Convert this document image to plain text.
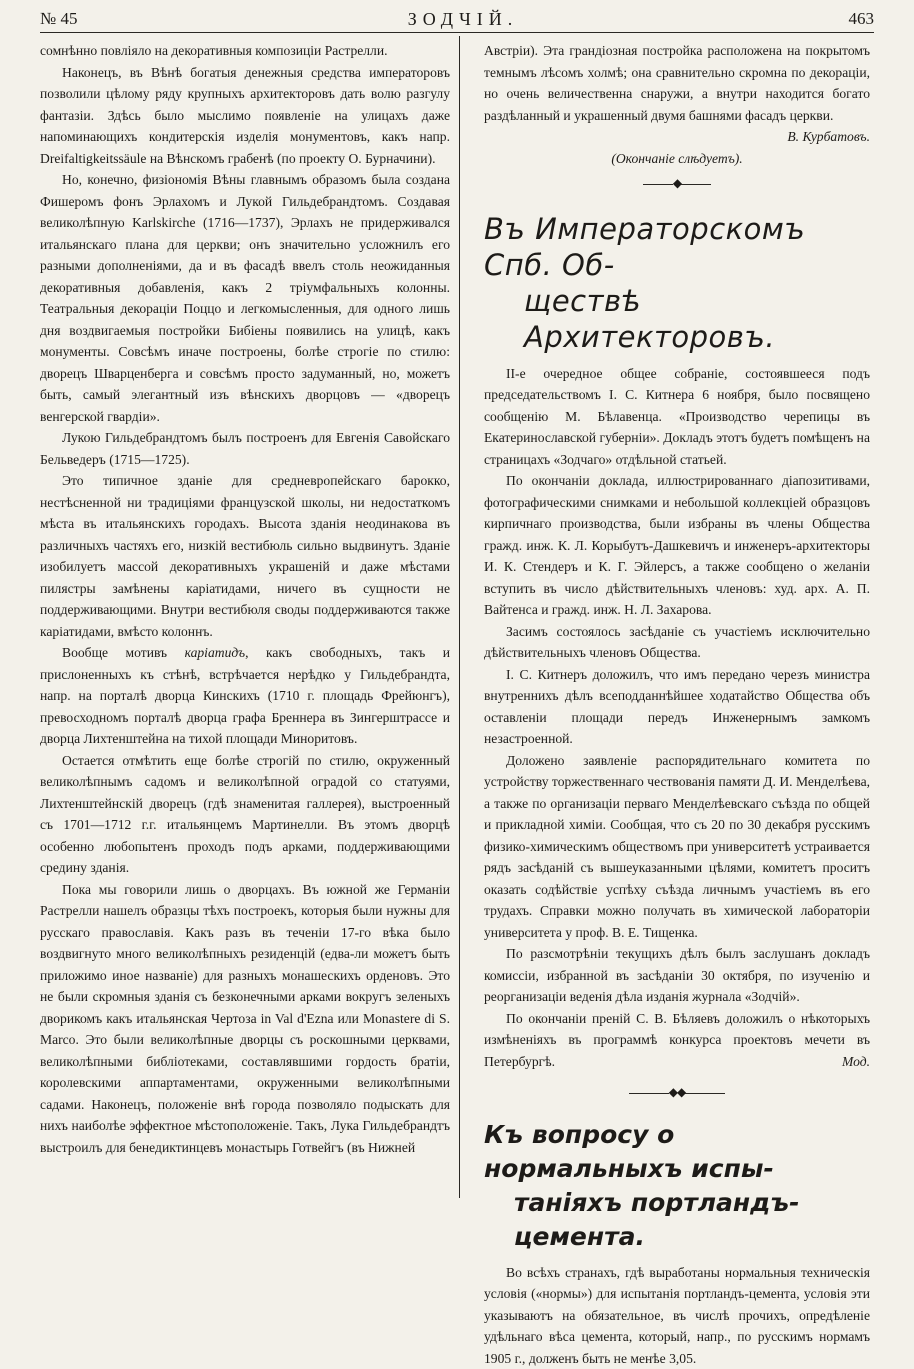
№ 45	ЗОДЧIЙ.	463

сомнѣнно повліяло на декоративныя композиціи Растрелли.

Наконецъ, въ Вѣнѣ богатыя денежныя средства императоровъ позволили цѣлому ряду крупныхъ архитекторовъ дать волю разгулу фантазіи. Здѣсь было мыслимо появленіе на улицахъ даже напоминающихъ кондитерскія изделія монументовъ, какъ напр. Dreifaltigkeitssäule на Вѣнскомъ грабенѣ (по проекту О. Бурначини).

Но, конечно, физіономія Вѣны главнымъ образомъ была создана Фишеромъ фонъ Эрлахомъ и Лукой Гильдебрандтомъ. Создавая великолѣпную Karlskirche (1716—1737), Эрлахъ не придерживался итальянскаго плана для церкви; онъ значительно усложнилъ его разными дополненіями, да и въ фасадѣ ввелъ столь неожиданныя декоративныя добавленія, какъ 2 тріумфальныхъ колонны. Театральныя декораціи Поццо и легкомысленныя, для одного лишь дня воздвигаемыя постройки Бибіены появились на улицѣ, какъ монументы. Совсѣмъ иначе построены, болѣе строгіе по стилю: дворецъ Шварценберга и совсѣмъ просто задуманный, но, можетъ быть, самый элегантный изъ вѣнскихъ дворцовъ — «дворецъ венгерской гвардіи».

Лукою Гильдебрандтомъ былъ построенъ для Евгенія Савойскаго Бельведеръ (1715—1725).

Это типичное зданіе для средневропейскаго барокко, нестѣсненной ни традиціями французской школы, ни недостаткомъ мѣста въ итальянскихъ городахъ. Высота зданія неодинакова въ различныхъ частяхъ его, низкій вестибюль сильно выдвинутъ. Зданіе изобилуетъ массой декоративныхъ украшеній и даже мѣстами пилястры замѣнены каріатидами, ничего въ сущности не поддерживающими. Внутри вестибюля своды поддерживаются также каріатидами, вмѣсто колоннъ.

Вообще мотивъ каріатидъ, какъ свободныхъ, такъ и прислоненныхъ къ стѣнѣ, встрѣчается нерѣдко у Гильдебрандта, напр. на порталѣ дворца Кинскихъ (1710 г. площадь Фрейюнгъ), превосходномъ порталѣ дворца графа Бреннера въ Зингерштрассе и дворца Лихтенштейна на тихой площади Миноритовъ.

Остается отмѣтить еще болѣе строгій по стилю, окруженный великолѣпнымъ садомъ и великолѣпной оградой со статуями, Лихтенштейнскій дворецъ (гдѣ знаменитая галлерея), выстроенный съ 1701—1712 г.г. итальянцемъ Мартинелли. Въ этомъ дворцѣ особенно любопытенъ проходъ подъ арками, поддерживающими средину зданія.

Пока мы говорили лишь о дворцахъ. Въ южной же Германіи Растрелли нашелъ образцы тѣхъ построекъ, которыя были нужны для русскаго православія. Какъ разъ въ теченіи 17-го вѣка было воздвигнуто много великолѣпныхъ резиденцій (едва-ли можетъ быть приложимо иное названіе) для разныхъ монашескихъ орденовъ. Это не были скромныя зданія съ безконечными арками вокругъ зеленыхъ дворикомъ какъ итальянская Чертоза in Val d'Ezna или Monastere di S. Marco. Это были великолѣпные дворцы съ роскошными церквами, великолѣпными библіотеками, составлявшими гордость братіи, королевскими аппартаментами, окруженными великолѣпными садами. Наконецъ, положеніе внѣ города позволяло подыскать для нихъ наиболѣе эффектное мѣстоположеніе. Такъ, Лука Гильдебрандтъ выстроилъ для бенедиктинцевъ монастырь Готвейгъ (въ Нижней

Австріи). Эта грандіозная постройка расположена на покрытомъ темнымъ лѣсомъ холмѣ; она сравнительно скромна по декораціи, но очень величественна снаружи, а внутри находится богато раздѣланный и украшенный двумя башнями фасадъ церкви.

В. Курбатовъ.

(Окончаніе слѣдуетъ).

◆
Въ Императорскомъ Спб. Об-
ществѣ Архитекторовъ.

II-е очередное общее собраніе, состоявшееся подъ председательствомъ I. С. Китнера 6 ноября, было посвящено сообщенію М. Бѣлавенца. «Производство черепицы въ Екатеринославской губерніи». Докладъ этотъ будетъ помѣщенъ на страницахъ «Зодчаго» отдѣльной статьей.

По окончаніи доклада, иллюстрированнаго діапозитивами, фотографическими снимками и небольшой коллекціей образцовъ кирпичнаго производства, были избраны въ члены Общества гражд. инж. К. Л. Корыбутъ-Дашкевичъ и инженеръ-архитекторы И. К. Стендеръ и К. Г. Эйлерсъ, а также сообщено о желаніи вступить въ число дѣйствительныхъ членовъ: худ. арх. А. П. Вайтенса и гражд. инж. Н. Л. Захарова.

Засимъ состоялось засѣданіе съ участіемъ исключительно дѣйствительныхъ членовъ Общества.

I. С. Китнеръ доложилъ, что имъ передано черезъ министра внутреннихъ дѣлъ всеподданнѣйшее ходатайство Общества объ оставленіи площади передъ Инженернымъ замкомъ незастроенной.

Доложено заявленіе распорядительнаго комитета по устройству торжественнаго чествованія памяти Д. И. Менделѣева, а также по организаціи перваго Менделѣевскаго съѣзда по общей и прикладной химіи. Сообщая, что съ 20 по 30 декабря русскимъ физико-химическимъ обществомъ при университетѣ устраивается рядъ засѣданій съ вышеуказанными цѣлями, комитетъ проситъ оказать содѣйствіе успѣху съѣзда личнымъ участіемъ въ его трудахъ. Справки можно получать въ химической лабораторіи университета у проф. В. Е. Тищенка.

По разсмотрѣніи текущихъ дѣлъ былъ заслушанъ докладъ комиссіи, избранной въ засѣданіи 30 октября, по изученію и реорганизаціи веденія дѣла изданія журнала «Зодчій».

По окончаніи преній С. В. Бѣляевъ доложилъ о нѣкоторыхъ измѣненіяхъ въ программѣ конкурса проектовъ мечети въ Петербургѣ.	Мод.

◆◆
Къ вопросу о нормальныхъ испы-
таніяхъ портландъ-цемента.

Во всѣхъ странахъ, гдѣ выработаны нормальныя техническія условія («нормы») для испытанія портландъ-цемента, условія эти указываютъ на обязательное, въ числѣ прочихъ, опредѣленіе удѣльнаго вѣса цемента, который, напр., по русскимъ нормамъ 1905 г., долженъ быть не менѣе 3,05.
